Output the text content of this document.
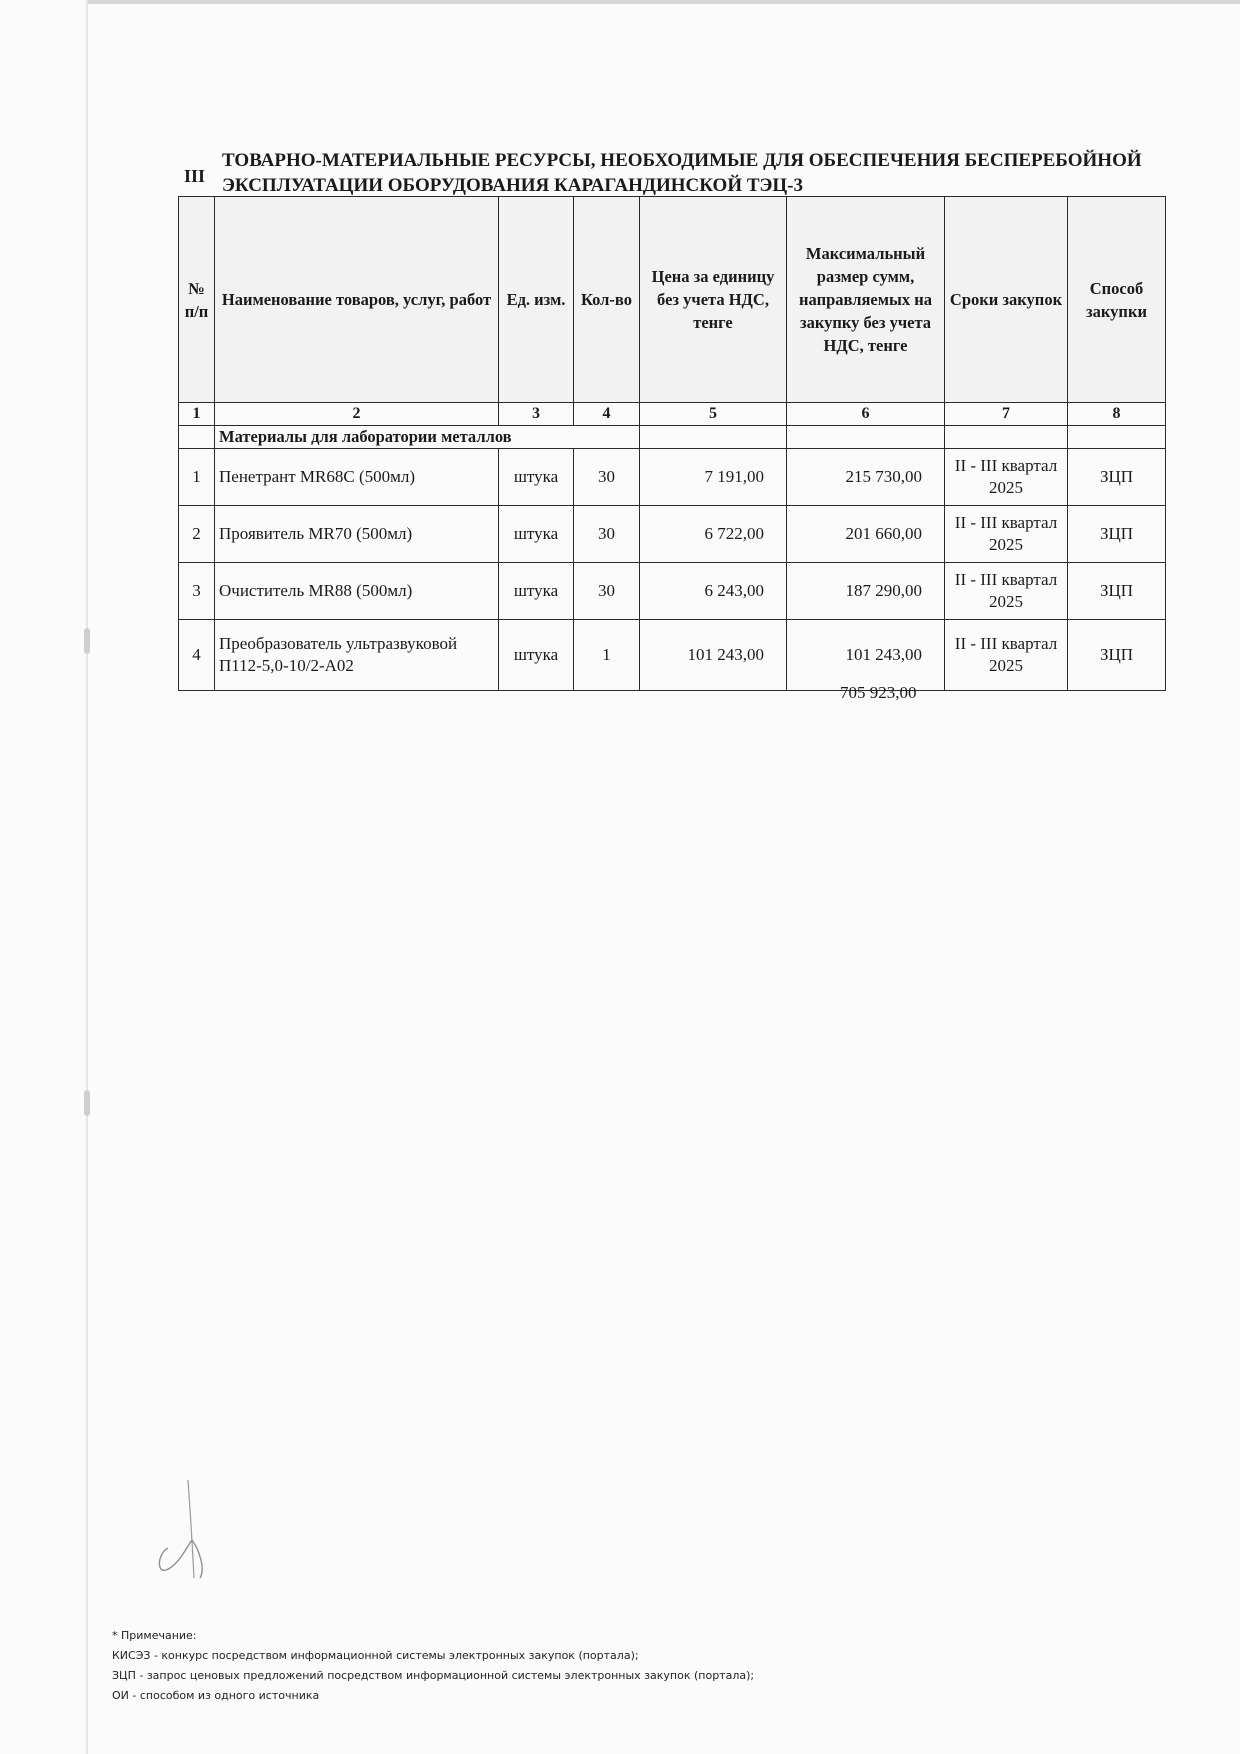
III
ТОВАРНО-МАТЕРИАЛЬНЫЕ РЕСУРСЫ, НЕОБХОДИМЫЕ ДЛЯ ОБЕСПЕЧЕНИЯ БЕСПЕРЕБОЙНОЙ ЭКСПЛУАТАЦИИ ОБОРУДОВАНИЯ КАРАГАНДИНСКОЙ ТЭЦ-3
№ п/п	Наименование товаров, услуг, работ	Ед. изм.	Кол-во	Цена за единицу без учета НДС, тенге	Максимальный размер сумм, направляемых на закупку без учета НДС, тенге	Сроки закупок	Способ закупки
1	2	3	4	5	6	7	8
	Материалы для лаборатории металлов						
1	Пенетрант MR68C (500мл)	штука	30	7 191,00	215 730,00	II - III квартал 2025	ЗЦП
2	Проявитель MR70 (500мл)	штука	30	6 722,00	201 660,00	II - III квартал 2025	ЗЦП
3	Очиститель MR88 (500мл)	штука	30	6 243,00	187 290,00	II - III квартал 2025	ЗЦП
4	Преобразователь ультразвуковой П112-5,0-10/2-А02	штука	1	101 243,00	101 243,00	II - III квартал 2025	ЗЦП
705 923,00
* Примечание:
КИСЭЗ - конкурс посредством информационной системы электронных закупок (портала);
ЗЦП - запрос ценовых предложений посредством информационной системы электронных закупок (портала);
ОИ - способом из одного источника
